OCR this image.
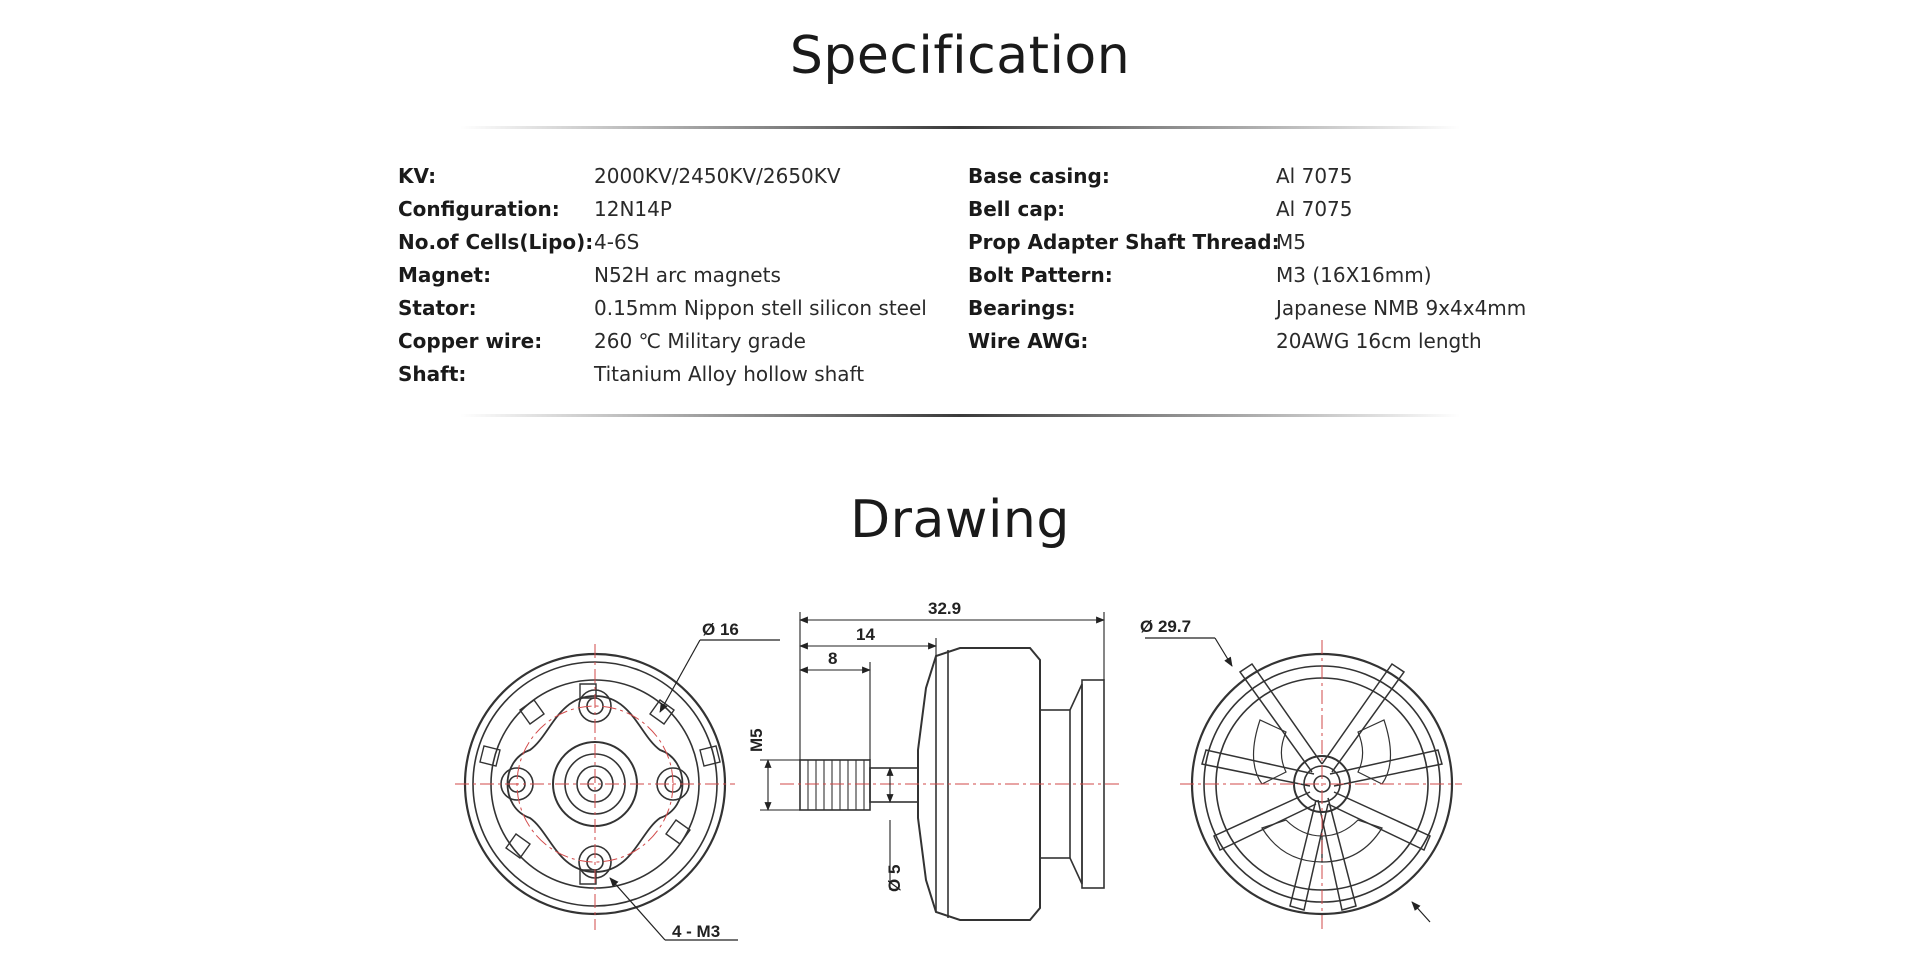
Specification
KV:	2000KV/2450KV/2650KV
Configuration: 12N14P
No.of Cells(Lipo): 4-6S
Magnet:	N52H arc magnets
Stator:	0.15mm Nippon stell silicon steel
Copper wire:	260 ℃ Military grade
Shaft:	Titanium Alloy hollow shaft
Base casing:	Al 7075
Bell cap:	Al 7075
Prop Adapter Shaft Thread:
M5
Bolt Pattern:	M3 (16X16mm)
Bearings:	Japanese NMB 9x4x4mm
Wire AWG:	20AWG 16cm length
Drawing
Ø 16
4 - M3
32.9
14
8
M5
Ø 5
Ø 29.7
